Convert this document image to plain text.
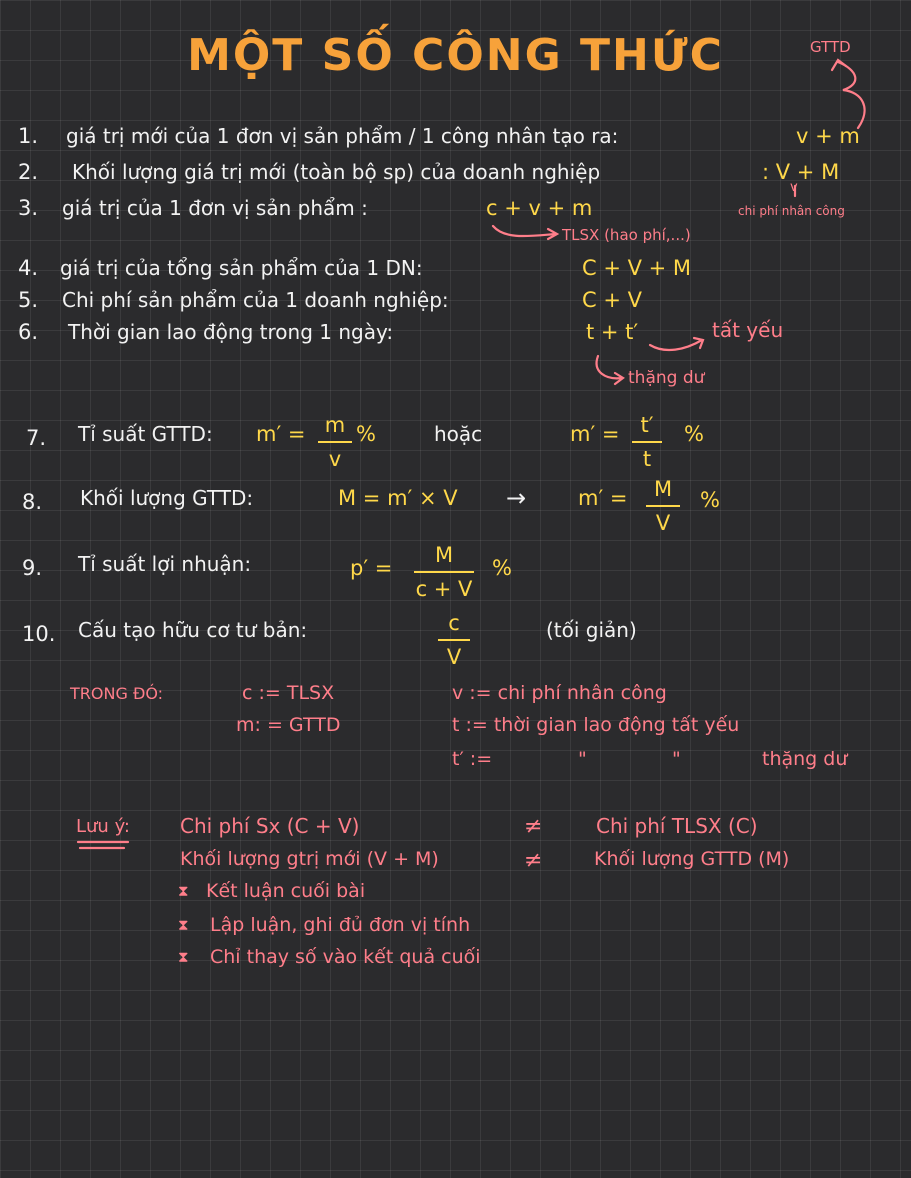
MỘT SỐ CÔNG THỨC	GTTD
1.	giá trị mới của 1 đơn vị sản phẩm / 1 công nhân tạo ra:	v + m
2.	Khối lượng giá trị mới (toàn bộ sp) của doanh nghiệp	: V + M
v
3.	giá trị của 1 đơn vị sản phẩm :	c + v + m	chi phí nhân công
TLSX (hao phí,...)
4.	giá trị của tổng sản phẩm của 1 DN:	C + V + M
5.	Chi phí sản phẩm của 1 doanh nghiệp:	C + V
6.	Thời gian lao động trong 1 ngày:	t + t′	tất yếu
thặng dư
7.	Tỉ suất GTTD: m′ = m
v
%	hoặc	m′ = t′
t
%
8.	Khối lượng GTTD:	M = m′ × V → m′ =	M
V
%
9.	Tỉ suất lợi nhuận:	p′ =
M
c + V
%
10.	Cấu tạo hữu cơ tư bản:	c
V
(tối giản)
TRONG ĐÓ:	c := TLSX
m: = GTTD
v := chi phí nhân công
t := thời gian lao động tất yếu
t′ :=	"	"	thặng dư
Lưu ý:	Chi phí Sx (C + V)	≠	Chi phí TLSX (C)
Khối lượng gtrị mới (V + M)	≠	Khối lượng GTTD (M)
⧗ Kết luận cuối bài
⧗ Lập luận, ghi đủ đơn vị tính
⧗ Chỉ thay số vào kết quả cuối
